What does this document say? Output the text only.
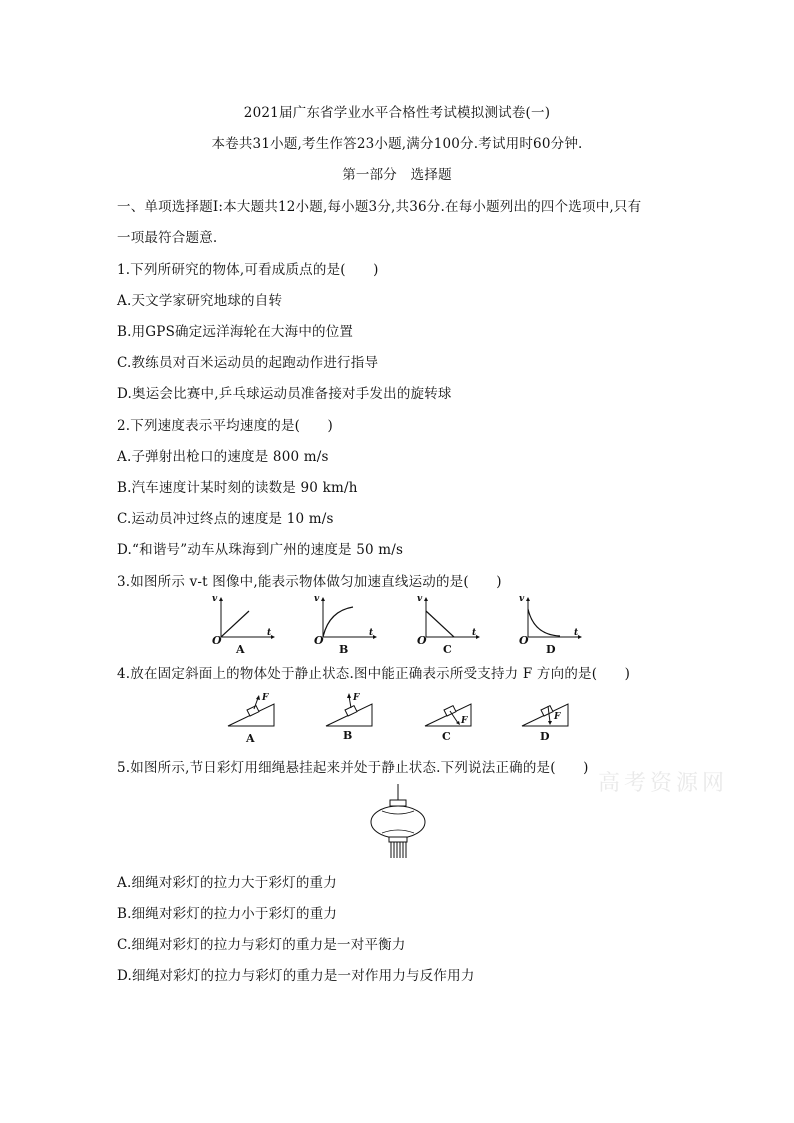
2021届广东省学业水平合格性考试模拟测试卷(一)
本卷共31小题,考生作答23小题,满分100分.考试用时60分钟.
第一部分　选择题
一、单项选择题Ⅰ:本大题共12小题,每小题3分,共36分.在每小题列出的四个选项中,只有
一项最符合题意.
1.下列所研究的物体,可看成质点的是(　　)
A.天文学家研究地球的自转
B.用GPS确定远洋海轮在大海中的位置
C.教练员对百米运动员的起跑动作进行指导
D.奥运会比赛中,乒乓球运动员准备接对手发出的旋转球
2.下列速度表示平均速度的是(　　)
A.子弹射出枪口的速度是 800 m/s
B.汽车速度计某时刻的读数是 90 km/h
C.运动员冲过终点的速度是 10 m/s
D.“和谐号”动车从珠海到广州的速度是 50 m/s
3.如图所示 v-t 图像中,能表示物体做匀加速直线运动的是(　　)
v
t
O
A
v
t
O
B
v
t
O
C
v
t
O
D
4.放在固定斜面上的物体处于静止状态.图中能正确表示所受支持力 F 方向的是(　　)
F
A
F
B
F
C
F
D
5.如图所示,节日彩灯用细绳悬挂起来并处于静止状态.下列说法正确的是(　　)
高考资源网
A.细绳对彩灯的拉力大于彩灯的重力
B.细绳对彩灯的拉力小于彩灯的重力
C.细绳对彩灯的拉力与彩灯的重力是一对平衡力
D.细绳对彩灯的拉力与彩灯的重力是一对作用力与反作用力
